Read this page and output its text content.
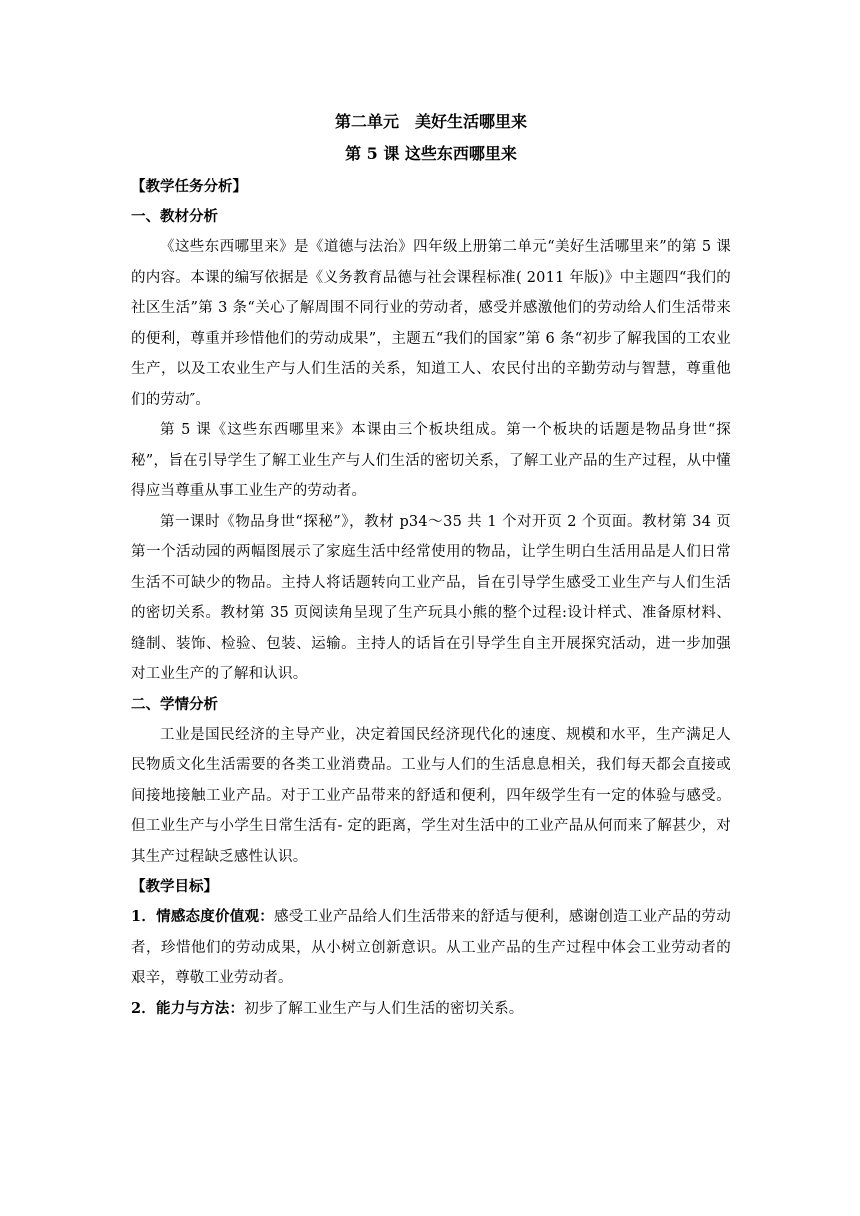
第二单元　美好生活哪里来

第 5 课 这些东西哪里来

【教学任务分析】

一、教材分析

《这些东西哪里来》是《道德与法治》四年级上册第二单元“美好生活哪里来”的第 5 课的内容。本课的编写依据是《义务教育品德与社会课程标准( 2011 年版)》中主题四“我们的社区生活”第 3 条“关心了解周围不同行业的劳动者，感受并感激他们的劳动给人们生活带来的便利，尊重并珍惜他们的劳动成果”，主题五“我们的国家”第 6 条“初步了解我国的工农业生产，以及工农业生产与人们生活的关系，知道工人、农民付出的辛勤劳动与智慧，尊重他们的劳动″。

第 5 课《这些东西哪里来》本课由三个板块组成。第一个板块的话题是物品身世“探秘”，旨在引导学生了解工业生产与人们生活的密切关系，了解工业产品的生产过程，从中懂得应当尊重从事工业生产的劳动者。

第一课时《物品身世“探秘”》，教材 p34～35 共 1 个对开页 2 个页面。教材第 34 页第一个活动园的两幅图展示了家庭生活中经常使用的物品，让学生明白生活用品是人们日常生活不可缺少的物品。主持人将话题转向工业产品，旨在引导学生感受工业生产与人们生活的密切关系。教材第 35 页阅读角呈现了生产玩具小熊的整个过程:设计样式、准备原材料、缝制、装饰、检验、包装、运输。主持人的话旨在引导学生自主开展探究活动，进一步加强对工业生产的了解和认识。

二、学情分析

工业是国民经济的主导产业，决定着国民经济现代化的速度、规模和水平，生产满足人民物质文化生活需要的各类工业消费品。工业与人们的生活息息相关，我们每天都会直接或间接地接触工业产品。对于工业产品带来的舒适和便利，四年级学生有一定的体验与感受。但工业生产与小学生日常生活有- 定的距离，学生对生活中的工业产品从何而来了解甚少，对其生产过程缺乏感性认识。

【教学目标】

1．情感态度价值观：感受工业产品给人们生活带来的舒适与便利，感谢创造工业产品的劳动者，珍惜他们的劳动成果，从小树立创新意识。从工业产品的生产过程中体会工业劳动者的艰辛，尊敬工业劳动者。

2．能力与方法：初步了解工业生产与人们生活的密切关系。
